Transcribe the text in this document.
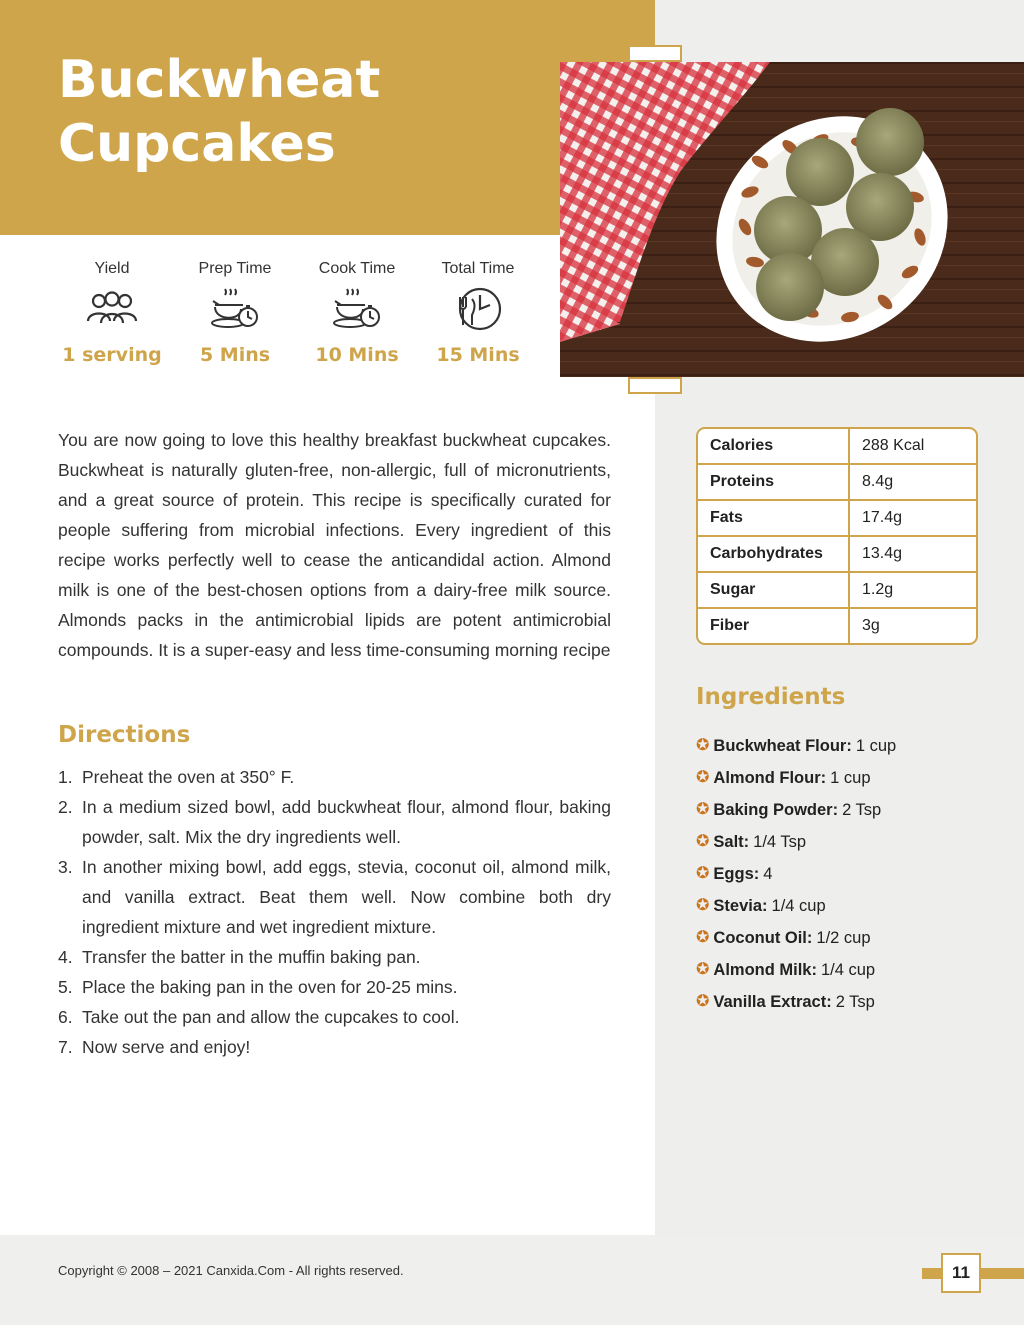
Buckwheat
Cupcakes
Yield
1 serving
Prep Time
5 Mins
Cook Time
10 Mins
Total Time
15 Mins

You are now going to love this healthy breakfast buckwheat cupcakes. Buckwheat is naturally gluten-free, non-allergic, full of micronutrients, and a great source of protein. This recipe is specifically curated for people suffering from microbial infections. Every ingredient of this recipe works perfectly well to cease the anticandidal action. Almond milk is one of the best-chosen options from a dairy-free milk source. Almonds packs in the antimicrobial lipids are potent antimicrobial compounds. It is a super-easy and less time-consuming morning recipe

Directions
1. Preheat the oven at 350° F.
2. In a medium sized bowl, add buckwheat flour, almond flour, baking powder, salt. Mix the dry ingredients well.
3. In another mixing bowl, add eggs, stevia, coconut oil, almond milk, and vanilla extract. Beat them well. Now combine both dry ingredient mixture and wet ingredient mixture.
4. Transfer the batter in the muffin baking pan.
5. Place the baking pan in the oven for 20-25 mins.
6. Take out the pan and allow the cupcakes to cool.
7. Now serve and enjoy!
Calories	288 Kcal
Proteins	8.4g
Fats	17.4g
Carbohydrates	13.4g
Sugar	1.2g
Fiber	3g
Ingredients
✪ Buckwheat Flour: 1 cup
✪ Almond Flour: 1 cup
✪ Baking Powder: 2 Tsp
✪ Salt: 1/4 Tsp
✪ Eggs: 4
✪ Stevia: 1/4 cup
✪ Coconut Oil: 1/2 cup
✪ Almond Milk: 1/4 cup
✪ Vanilla Extract: 2 Tsp
Copyright © 2008 – 2021 Canxida.Com - All rights reserved.	11
